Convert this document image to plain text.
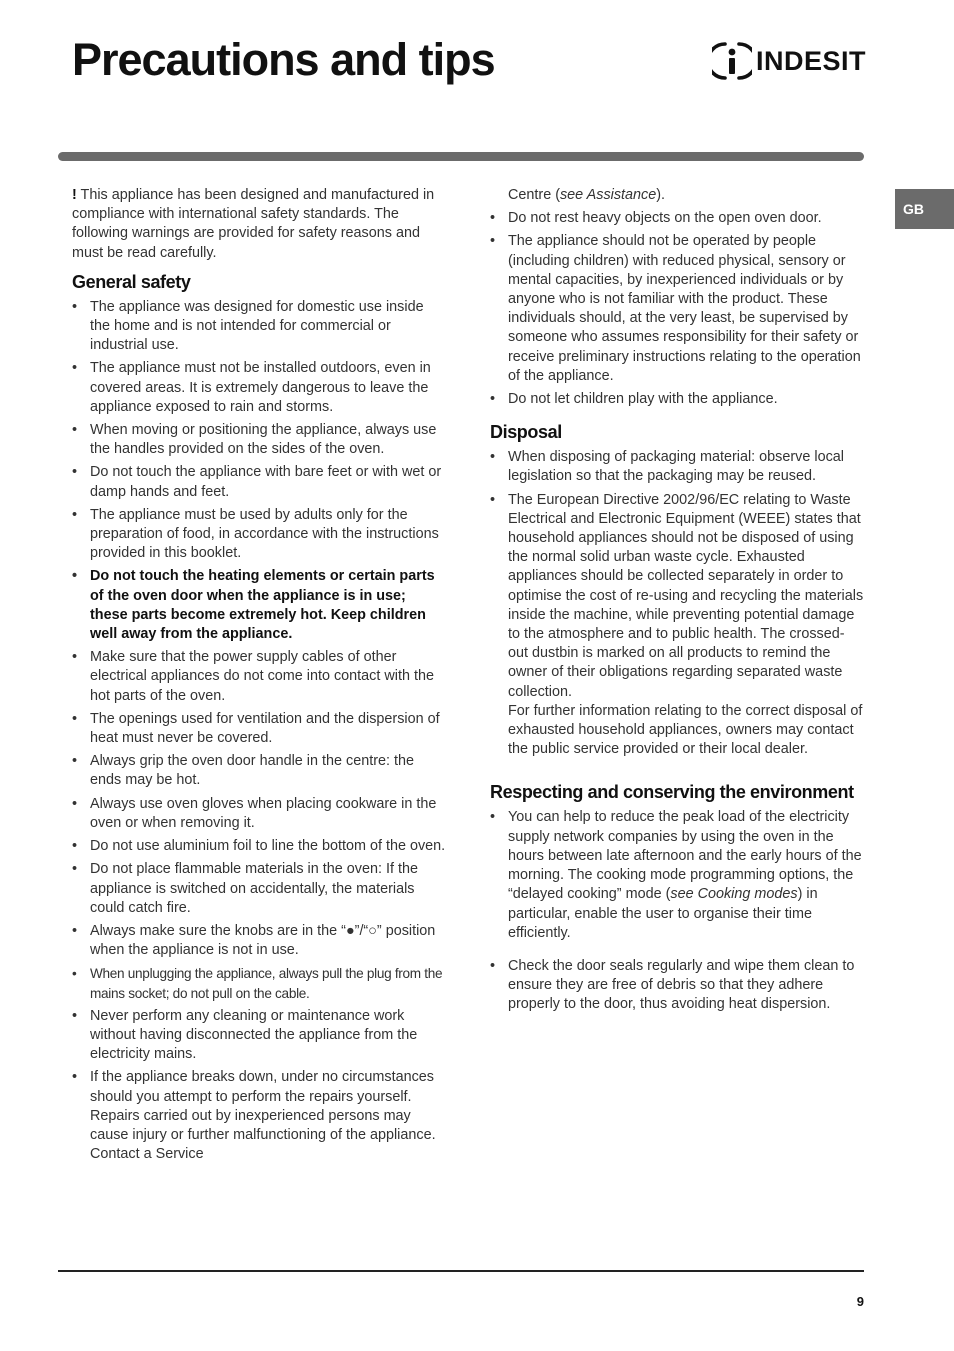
Precautions and tips	INDESIT
GB

! This appliance has been designed and manufactured in compliance with international safety standards. The following warnings are provided for safety reasons and must be read carefully.

General safety
• The appliance was designed for domestic use inside the home and is not intended for commercial or industrial use.
• The appliance must not be installed outdoors, even in covered areas. It is extremely dangerous to leave the appliance exposed to rain and storms.
• When moving or positioning the appliance, always use the handles provided on the sides of the oven.
• Do not touch the appliance with bare feet or with wet or damp hands and feet.
• The appliance must be used by adults only for the preparation of food, in accordance with the instructions provided in this booklet.
• Do not touch the heating elements or certain parts of the oven door when the appliance is in use; these parts become extremely hot. Keep children well away from the appliance.
• Make sure that the power supply cables of other electrical appliances do not come into contact with the hot parts of the oven.
• The openings used for ventilation and the dispersion of heat must never be covered.
• Always grip the oven door handle in the centre: the ends may be hot.
• Always use oven gloves when placing cookware in the oven or when removing it.
• Do not use aluminium foil to line the bottom of the oven.
• Do not place flammable materials in the oven: If the appliance is switched on accidentally, the materials could catch fire.
• Always make sure the knobs are in the “●”/“○” position when the appliance is not in use.
• When unplugging the appliance, always pull the plug from the mains socket; do not pull on the cable.
• Never perform any cleaning or maintenance work without having disconnected the appliance from the electricity mains.
• If the appliance breaks down, under no circumstances should you attempt to perform the repairs yourself. Repairs carried out by inexperienced persons may cause injury or further malfunctioning of the appliance. Contact a Service

Centre (see Assistance).

• Do not rest heavy objects on the open oven door.
• The appliance should not be operated by people (including children) with reduced physical, sensory or mental capacities, by inexperienced individuals or by anyone who is not familiar with the product. These individuals should, at the very least, be supervised by someone who assumes responsibility for their safety or receive preliminary instructions relating to the operation of the appliance.
• Do not let children play with the appliance.
Disposal
• When disposing of packaging material: observe local legislation so that the packaging may be reused.
• The European Directive 2002/96/EC relating to Waste Electrical and Electronic Equipment (WEEE) states that household appliances should not be disposed of using the normal solid urban waste cycle. Exhausted appliances should be collected separately in order to optimise the cost of re-using and recycling the materials inside the machine, while preventing potential damage to the atmosphere and to public health. The crossed-out dustbin is marked on all products to remind the owner of their obligations regarding separated waste collection.
For further information relating to the correct disposal of exhausted household appliances, owners may contact the public service provided or their local dealer.
Respecting and conserving the environment
• You can help to reduce the peak load of the electricity supply network companies by using the oven in the hours between late afternoon and the early hours of the morning. The cooking mode programming options, the “delayed cooking” mode (see Cooking modes) in particular, enable the user to organise their time efficiently.
• Check the door seals regularly and wipe them clean to ensure they are free of debris so that they adhere properly to the door, thus avoiding heat dispersion.
9
